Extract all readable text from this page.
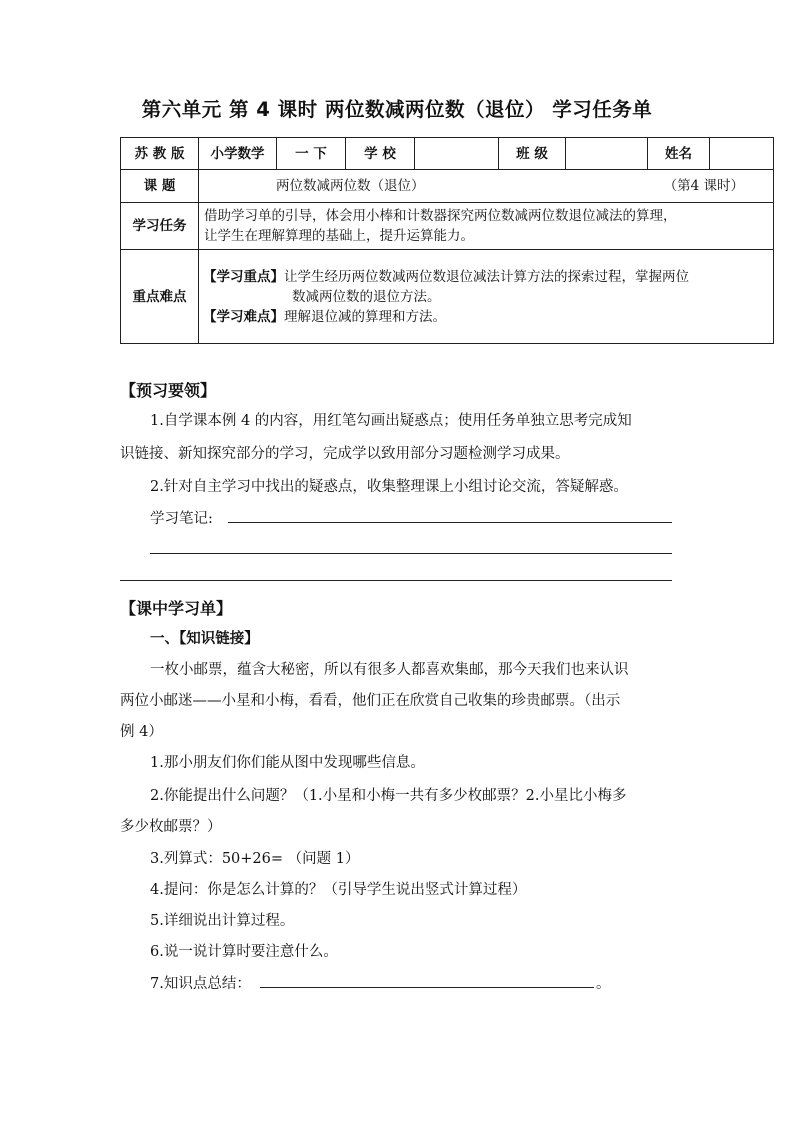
第六单元 第 4 课时 两位数减两位数（退位） 学习任务单
苏 教 版	小学数学	一 下	学 校		班 级		姓名	
课 题	两位数减两位数（退位） （第4 课时）							

学习任务	借助学习单的引导，体会用小棒和计数器探究两位数减两位数退位减法的算理，
让学生在理解算理的基础上，提升运算能力。							

重点难点	【学习重点】让学生经历两位数减两位数退位减法计算方法的探索过程，掌握两位
数减两位数的退位方法。
【学习难点】理解退位减的算理和方法。							
【预习要领】
1.自学课本例 4 的内容，用红笔勾画出疑惑点；使用任务单独立思考完成知
识链接、新知探究部分的学习，完成学以致用部分习题检测学习成果。
2.针对自主学习中找出的疑惑点，收集整理课上小组讨论交流，答疑解惑。
学习笔记:
【课中学习单】
一、【知识链接】
一枚小邮票，蕴含大秘密，所以有很多人都喜欢集邮，那今天我们也来认识
两位小邮迷——小星和小梅，看看，他们正在欣赏自己收集的珍贵邮票。（出示
例 4）
1.那小朋友们你们能从图中发现哪些信息。
2.你能提出什么问题？（1.小星和小梅一共有多少枚邮票？2.小星比小梅多
多少枚邮票？）
3.列算式：50+26= （问题 1）
4.提问：你是怎么计算的？（引导学生说出竖式计算过程）
5.详细说出计算过程。
6.说一说计算时要注意什么。
7.知识点总结：	。
